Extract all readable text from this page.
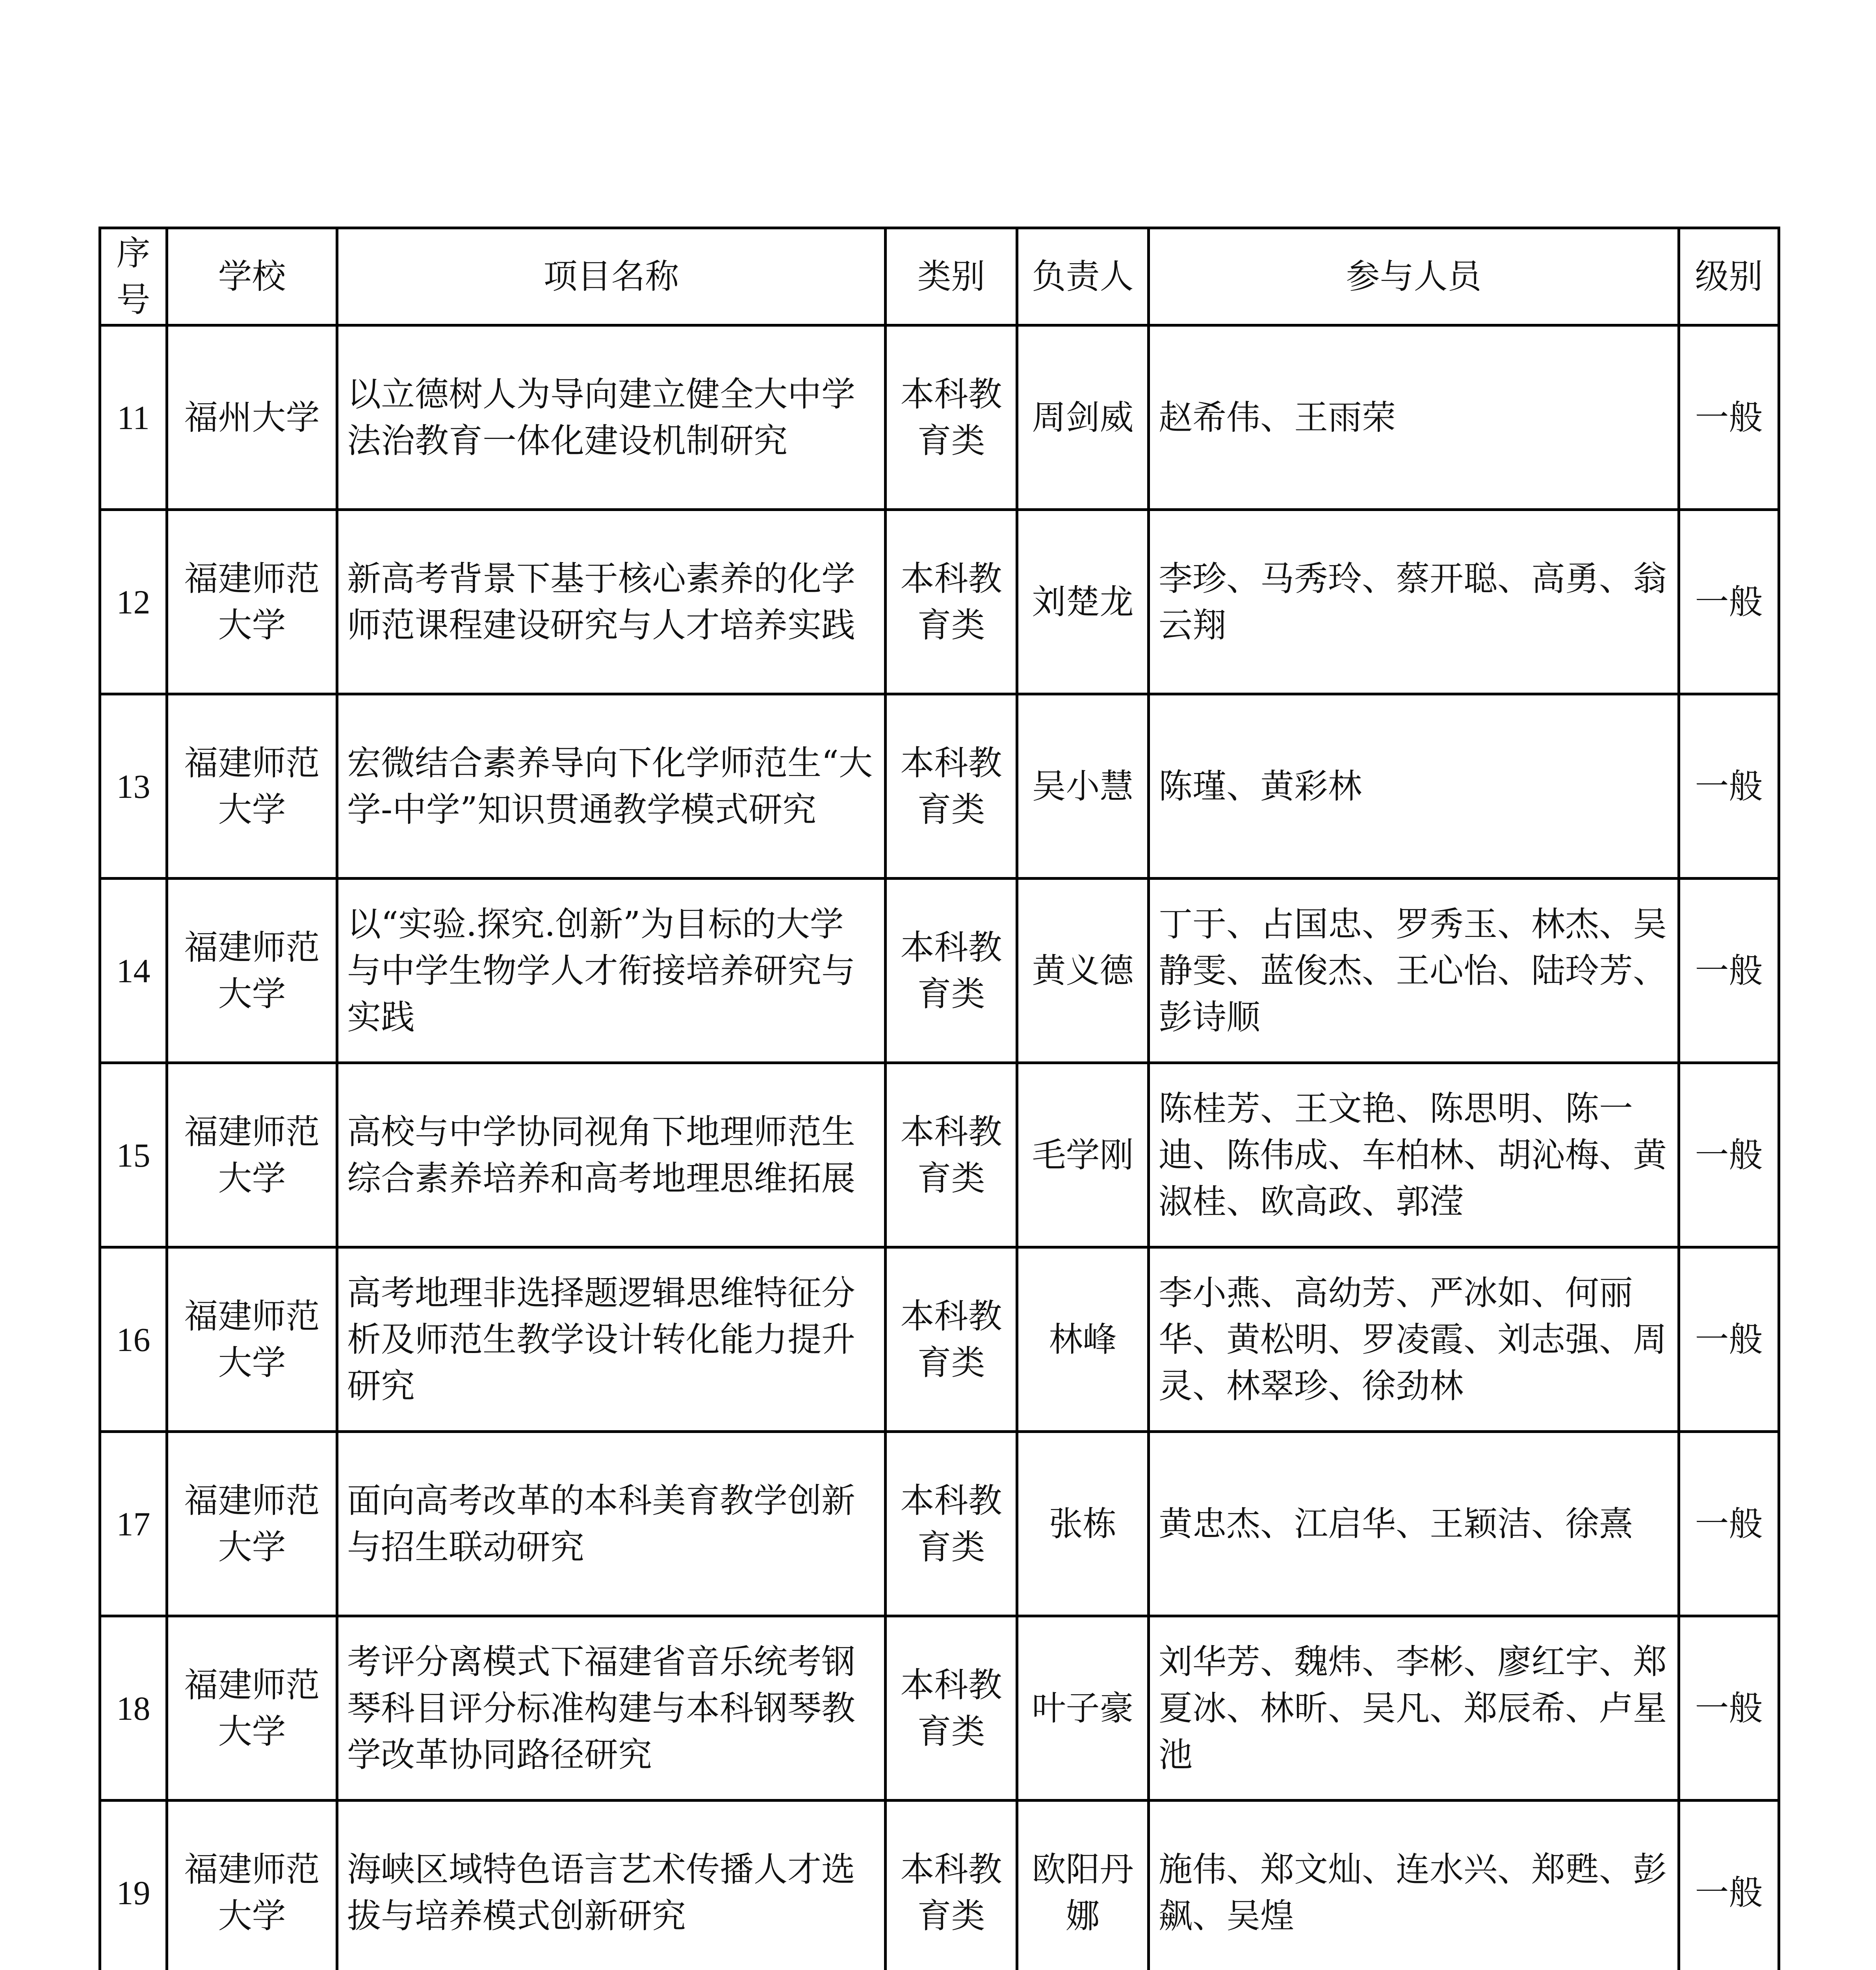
序号	学校	项目名称	类别	负责人	参与人员	级别
11	福州大学	以立德树人为导向建立健全大中学法治教育一体化建设机制研究	本科教育类	周剑威	赵希伟、王雨荣	一般
12	福建师范大学	新高考背景下基于核心素养的化学师范课程建设研究与人才培养实践	本科教育类	刘楚龙	李珍、马秀玲、蔡开聪、高勇、翁云翔	一般
13	福建师范大学	宏微结合素养导向下化学师范生“大学-中学”知识贯通教学模式研究	本科教育类	吴小慧	陈瑾、黄彩林	一般
14	福建师范大学	以“实验.探究.创新”为目标的大学与中学生物学人才衔接培养研究与实践	本科教育类	黄义德	丁于、占国忠、罗秀玉、林杰、吴静雯、蓝俊杰、王心怡、陆玲芳、彭诗顺	一般
15	福建师范大学	高校与中学协同视角下地理师范生综合素养培养和高考地理思维拓展	本科教育类	毛学刚	陈桂芳、王文艳、陈思明、陈一迪、陈伟成、车柏林、胡沁梅、黄淑桂、欧高政、郭滢	一般
16	福建师范大学	高考地理非选择题逻辑思维特征分析及师范生教学设计转化能力提升研究	本科教育类	林峰	李小燕、高幼芳、严冰如、何丽华、黄松明、罗凌霞、刘志强、周灵、林翠珍、徐劲林	一般
17	福建师范大学	面向高考改革的本科美育教学创新与招生联动研究	本科教育类	张栋	黄忠杰、江启华、王颖洁、徐熹	一般
18	福建师范大学	考评分离模式下福建省音乐统考钢琴科目评分标准构建与本科钢琴教学改革协同路径研究	本科教育类	叶子豪	刘华芳、魏炜、李彬、廖红宇、郑夏冰、林昕、吴凡、郑辰希、卢星池	一般
19	福建师范大学	海峡区域特色语言艺术传播人才选拔与培养模式创新研究	本科教育类	欧阳丹娜	施伟、郑文灿、连水兴、郑甦、彭飙、吴煌	一般
